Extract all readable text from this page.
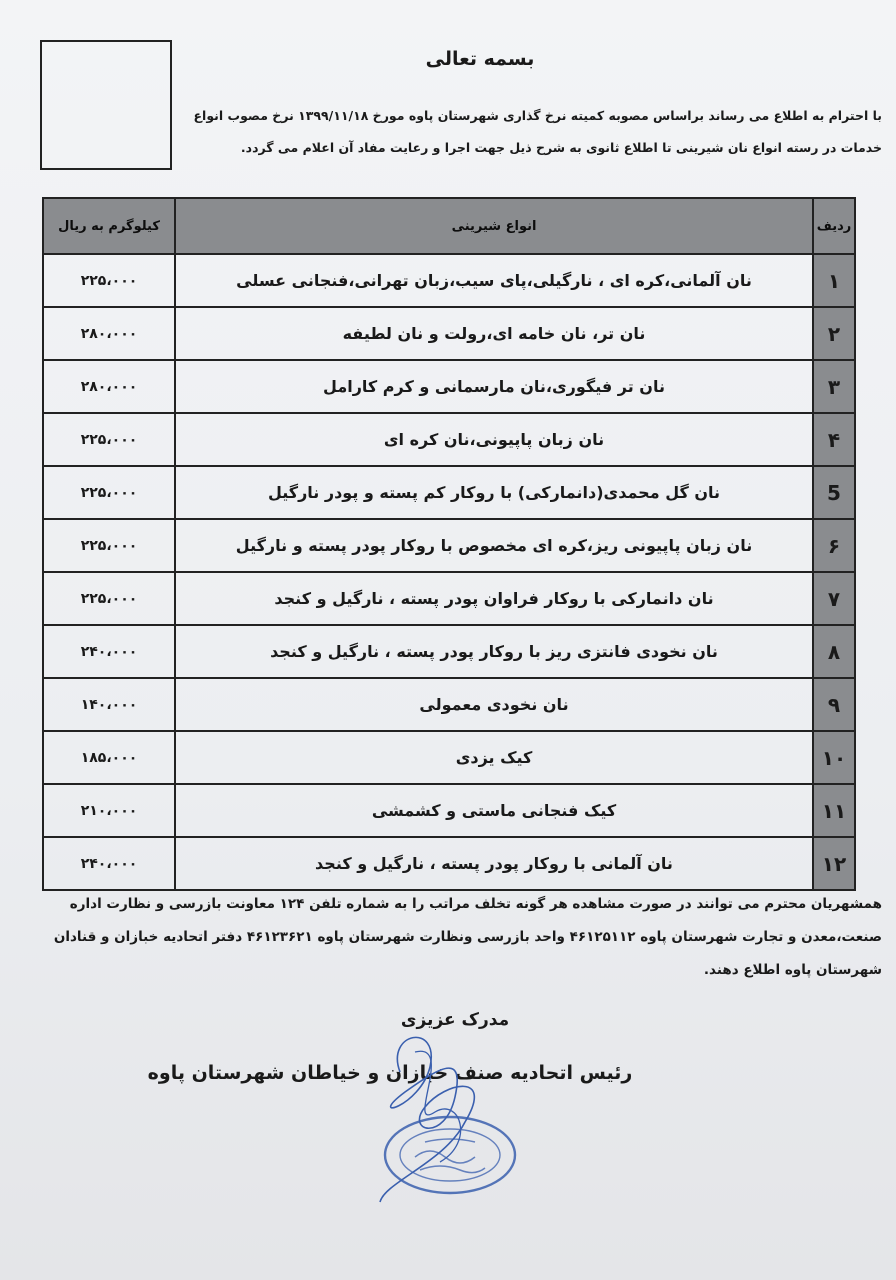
بسمه تعالی
با احترام به اطلاع می رساند براساس مصوبه کمیته نرخ گذاری شهرستان پاوه مورخ ۱۳۹۹/۱۱/۱۸ نرخ مصوب انواع خدمات در رسته انواع نان شیرینی تا اطلاع ثانوی به شرح ذیل جهت اجرا و رعایت مفاد آن اعلام می گردد.
ردیف	انواع شیرینی	کیلوگرم به ریال
۱	نان آلمانی،کره ای ، نارگیلی،پای سیب،زبان تهرانی،فنجانی عسلی	۲۲۵،۰۰۰
۲	نان تر، نان خامه ای،رولت و نان لطیفه	۲۸۰،۰۰۰
۳	نان تر فیگوری،نان مارسمانی و کرم کارامل	۲۸۰،۰۰۰
۴	نان زبان پاپیونی،نان کره ای	۲۲۵،۰۰۰
5	نان گل محمدی(دانمارکی) با روکار کم پسته و پودر نارگیل	۲۲۵،۰۰۰
۶	نان زبان پاپیونی ریز،کره ای مخصوص با روکار پودر پسته و نارگیل	۲۲۵،۰۰۰
۷	نان دانمارکی با روکار فراوان پودر پسته ، نارگیل و کنجد	۲۲۵،۰۰۰
۸	نان نخودی فانتزی ریز با روکار پودر پسته ، نارگیل و کنجد	۲۴۰،۰۰۰
۹	نان نخودی معمولی	۱۴۰،۰۰۰
۱۰	کیک یزدی	۱۸۵،۰۰۰
۱۱	کیک فنجانی ماستی و کشمشی	۲۱۰،۰۰۰
۱۲	نان آلمانی با روکار پودر پسته ، نارگیل و کنجد	۲۴۰،۰۰۰
همشهریان محترم می توانند در صورت مشاهده هر گونه تخلف مراتب را به شماره تلفن ۱۲۴ معاونت بازرسی و نظارت اداره صنعت،معدن و تجارت شهرستان پاوه ۴۶۱۲۵۱۱۲ واحد بازرسی ونظارت شهرستان پاوه ۴۶۱۲۳۶۲۱ دفتر اتحادیه خبازان و قنادان شهرستان پاوه اطلاع دهند.
مدرک عزیزی
رئیس اتحادیه صنف خبازان و خیاطان شهرستان پاوه
